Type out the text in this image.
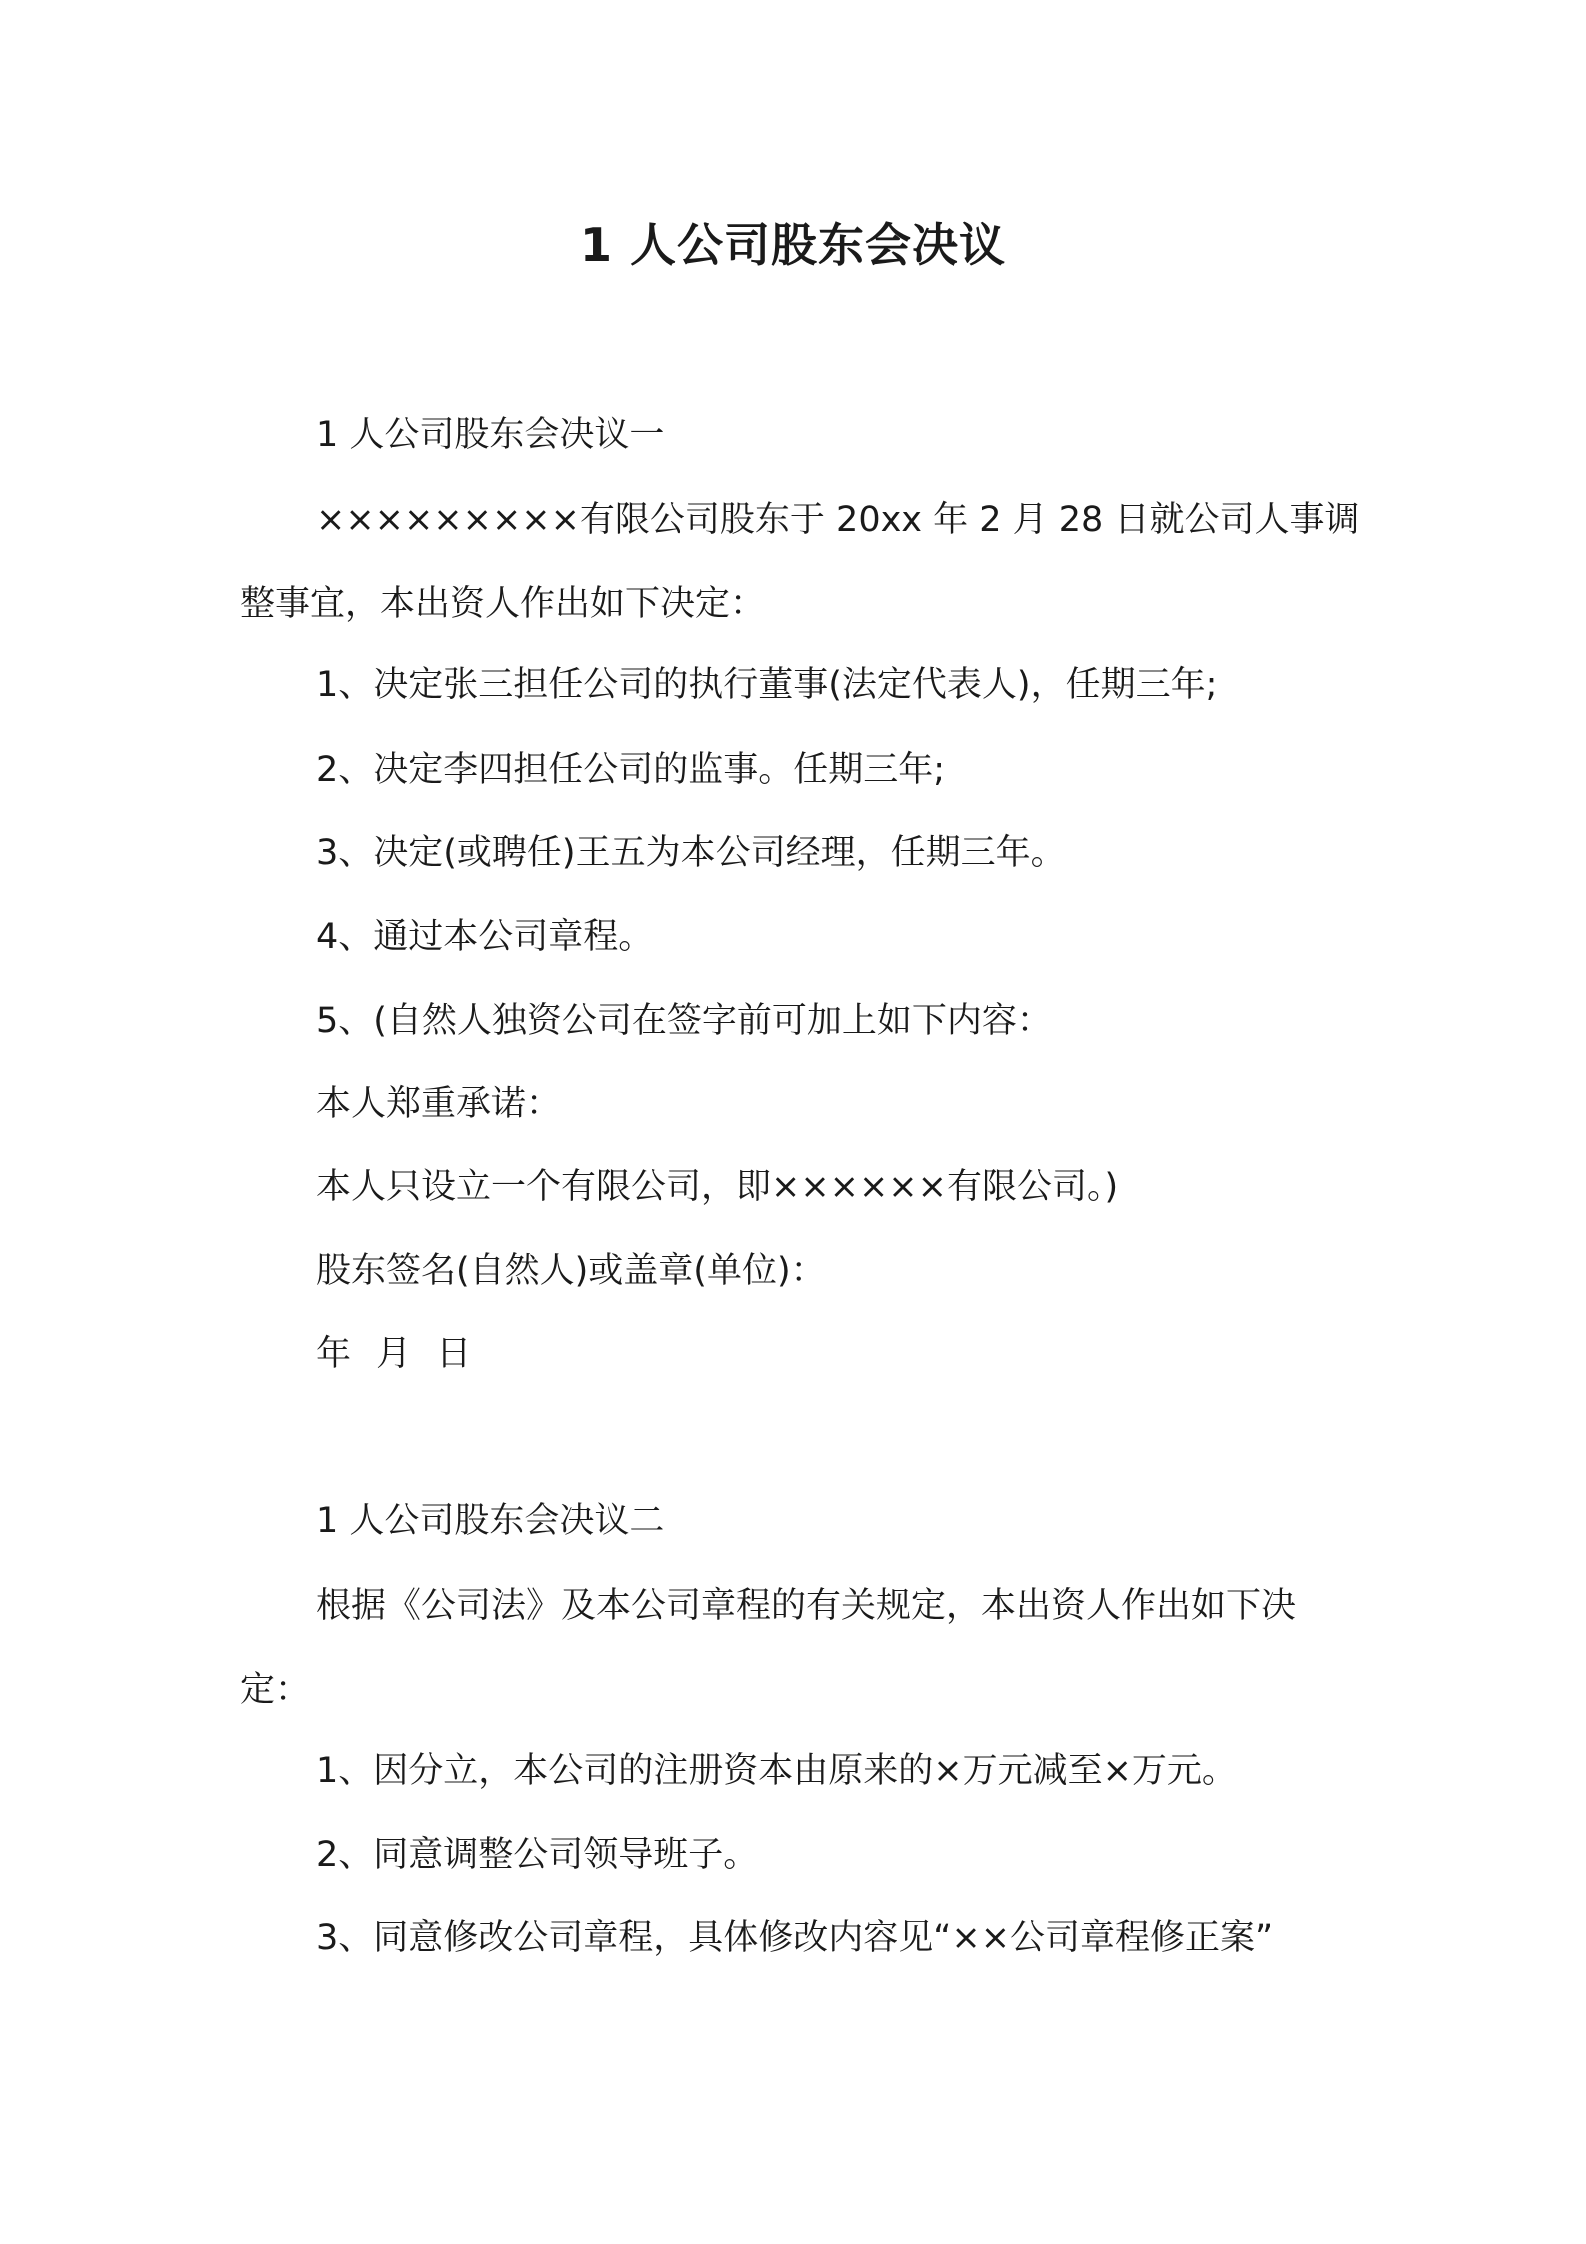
1 人公司股东会决议

1 人公司股东会决议一

×××××××××有限公司股东于 20xx 年 2 月 28 日就公司人事调整事宜，本出资人作出如下决定：

1、决定张三担任公司的执行董事(法定代表人)，任期三年;

2、决定李四担任公司的监事。任期三年;

3、决定(或聘任)王五为本公司经理，任期三年。

4、通过本公司章程。

5、(自然人独资公司在签字前可加上如下内容：

本人郑重承诺：

本人只设立一个有限公司，即××××××有限公司。)

股东签名(自然人)或盖章(单位)：

年 月 日

1 人公司股东会决议二

根据《公司法》及本公司章程的有关规定，本出资人作出如下决定：

1、因分立，本公司的注册资本由原来的×万元减至×万元。

2、同意调整公司领导班子。

3、同意修改公司章程，具体修改内容见“××公司章程修正案”
